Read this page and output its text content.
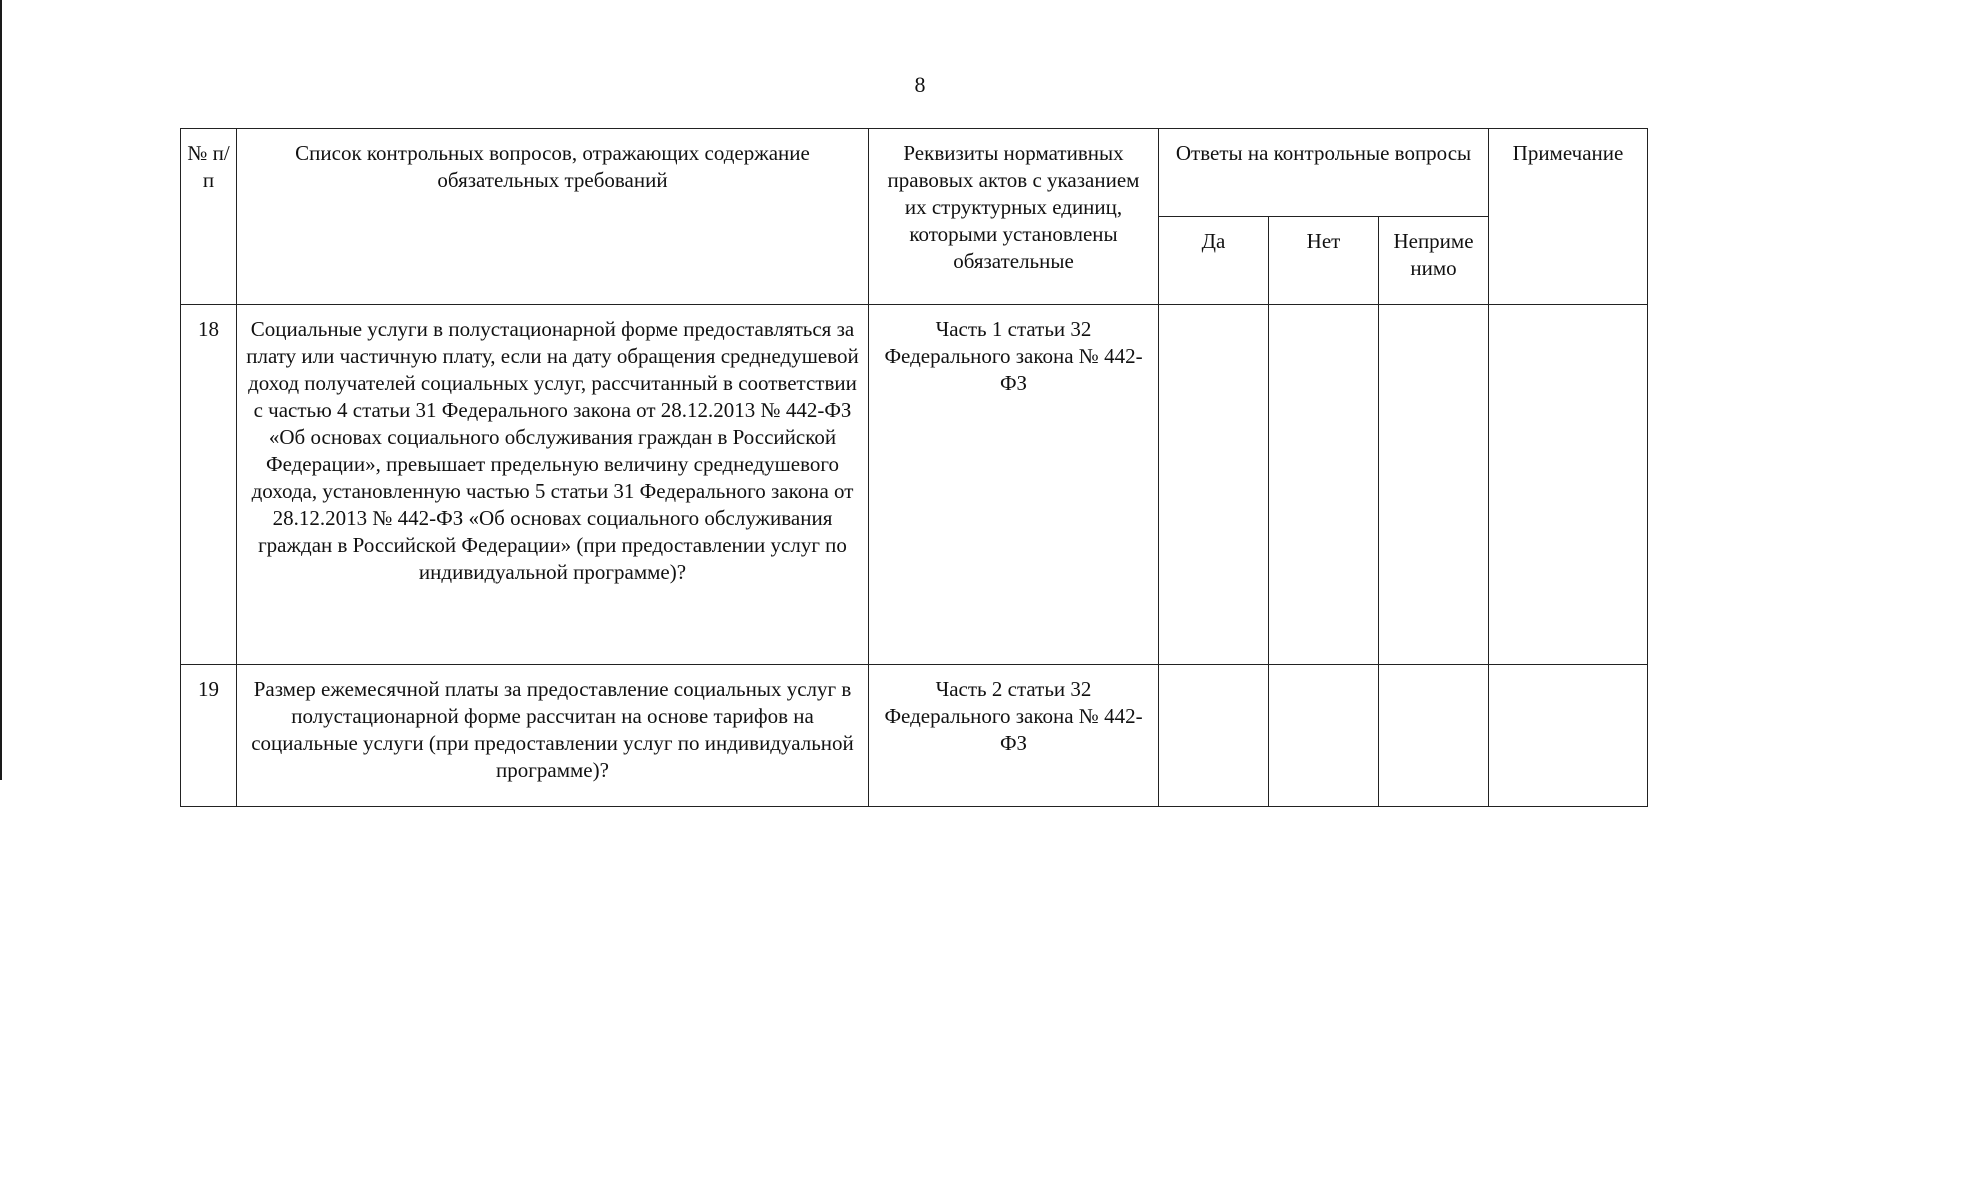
8
№ п/п	Список контрольных вопросов, отражающих содержание обязательных требований	Реквизиты нормативных правовых актов с указанием их структурных единиц, которыми установлены обязательные	Ответы на контрольные вопросы			Примечание
			Да	Нет	Неприме нимо	
18	Социальные услуги в полустационарной форме предоставляться за плату или частичную плату, если на дату обращения среднедушевой доход получателей социальных услуг, рассчитанный в соответствии с частью 4 статьи 31 Федерального закона от 28.12.2013 № 442-ФЗ «Об основах социального обслуживания граждан в Российской Федерации», превышает предельную величину среднедушевого дохода, установленную частью 5 статьи 31 Федерального закона от 28.12.2013 № 442-ФЗ «Об основах социального обслуживания граждан в Российской Федерации» (при предоставлении услуг по индивидуальной программе)?	Часть 1 статьи 32 Федерального закона № 442-ФЗ				
19	Размер ежемесячной платы за предоставление социальных услуг в полустационарной форме рассчитан на основе тарифов на социальные услуги (при предоставлении услуг по индивидуальной программе)?	Часть 2 статьи 32 Федерального закона № 442-ФЗ				
